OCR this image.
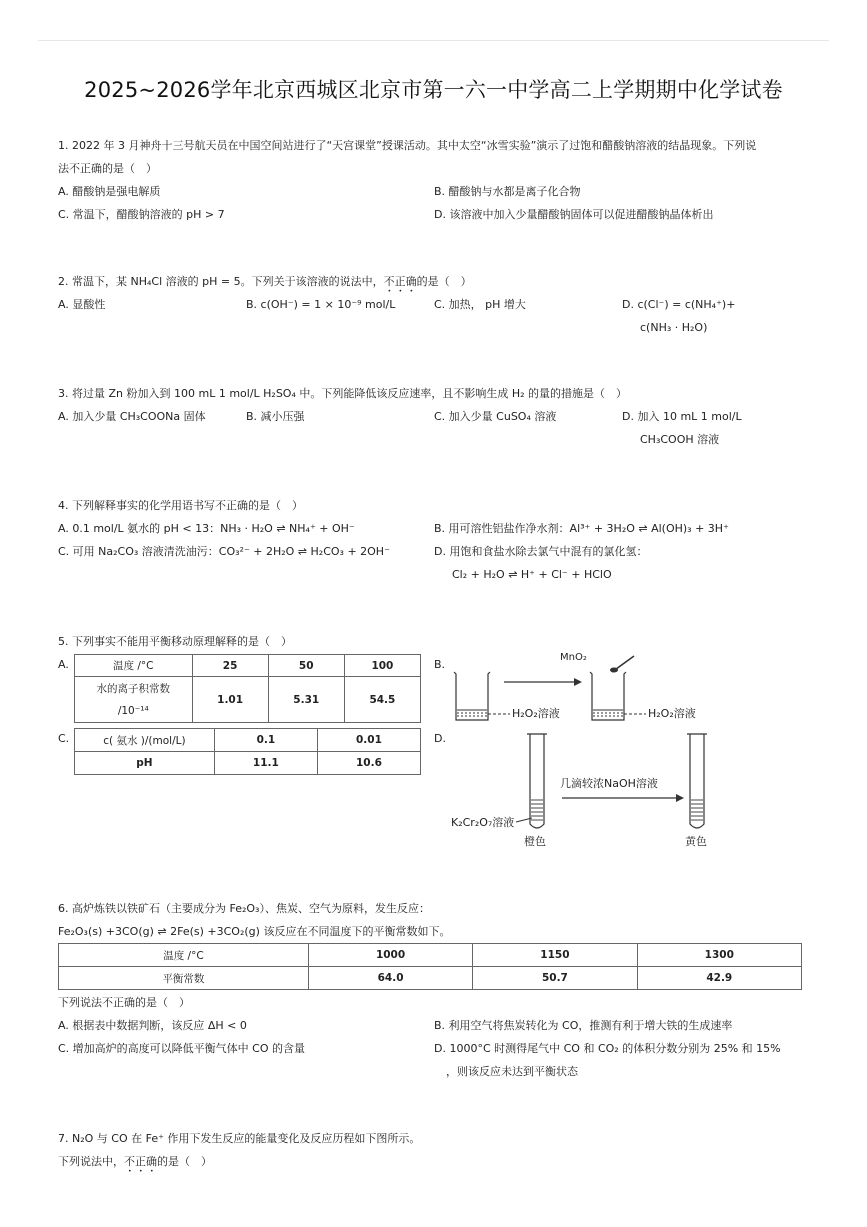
2025~2026学年北京西城区北京市第一六一中学高二上学期期中化学试卷
1. 2022 年 3 月神舟十三号航天员在中国空间站进行了“天宫课堂”授课活动。其中太空“冰雪实验”演示了过饱和醋酸钠溶液的结晶现象。下列说
法不正确的是（　）
A. 醋酸钠是强电解质	B. 醋酸钠与水都是离子化合物
C. 常温下，醋酸钠溶液的 pH > 7	D. 该溶液中加入少量醋酸钠固体可以促进醋酸钠晶体析出
2. 常温下，某 NH₄Cl 溶液的 pH = 5。下列关于该溶液的说法中，不正确的是（　）
A. 显酸性	B. c(OH⁻) = 1 × 10⁻⁹ mol/L	C. 加热， pH 增大	D. c(Cl⁻) = c(NH₄⁺)+
c(NH₃ · H₂O)
3. 将过量 Zn 粉加入到 100 mL 1 mol/L H₂SO₄ 中。下列能降低该反应速率，且不影响生成 H₂ 的量的措施是（　）
A. 加入少量 CH₃COONa 固体	B. 减小压强	C. 加入少量 CuSO₄ 溶液	D. 加入 10 mL 1 mol/L
CH₃COOH 溶液
4. 下列解释事实的化学用语书写不正确的是（　）
A. 0.1 mol/L 氨水的 pH < 13：NH₃ · H₂O ⇌ NH₄⁺ + OH⁻	B. 用可溶性铝盐作净水剂：Al³⁺ + 3H₂O ⇌ Al(OH)₃ + 3H⁺
C. 可用 Na₂CO₃ 溶液清洗油污：CO₃²⁻ + 2H₂O ⇌ H₂CO₃ + 2OH⁻	D. 用饱和食盐水除去氯气中混有的氯化氢：
Cl₂ + H₂O ⇌ H⁺ + Cl⁻ + HClO
5. 下列事实不能用平衡移动原理解释的是（　）
A.	温度 /°C	25	50	100

水的离子积常数
/10⁻¹⁴	1.01	5.31	54.5
C.	c( 氨水 )/(mol/L)	0.1	0.01
pH	11.1	10.6
B.
MnO₂
H₂O₂溶液	H₂O₂溶液
D.
几滴较浓NaOH溶液
K₂Cr₂O₇溶液
橙色	黄色
6. 高炉炼铁以铁矿石（主要成分为 Fe₂O₃）、焦炭、空气为原料，发生反应：
Fe₂O₃(s) +3CO(g) ⇌ 2Fe(s) +3CO₂(g) 该反应在不同温度下的平衡常数如下。
温度 /°C	1000	1150	1300
平衡常数	64.0	50.7	42.9
下列说法不正确的是（　）
A. 根据表中数据判断，该反应 ΔH < 0	B. 利用空气将焦炭转化为 CO，推测有利于增大铁的生成速率
C. 增加高炉的高度可以降低平衡气体中 CO 的含量	D. 1000°C 时测得尾气中 CO 和 CO₂ 的体积分数分别为 25% 和 15%
，则该反应未达到平衡状态
7. N₂O 与 CO 在 Fe⁺ 作用下发生反应的能量变化及反应历程如下图所示。
下列说法中，不正确的是（　）
